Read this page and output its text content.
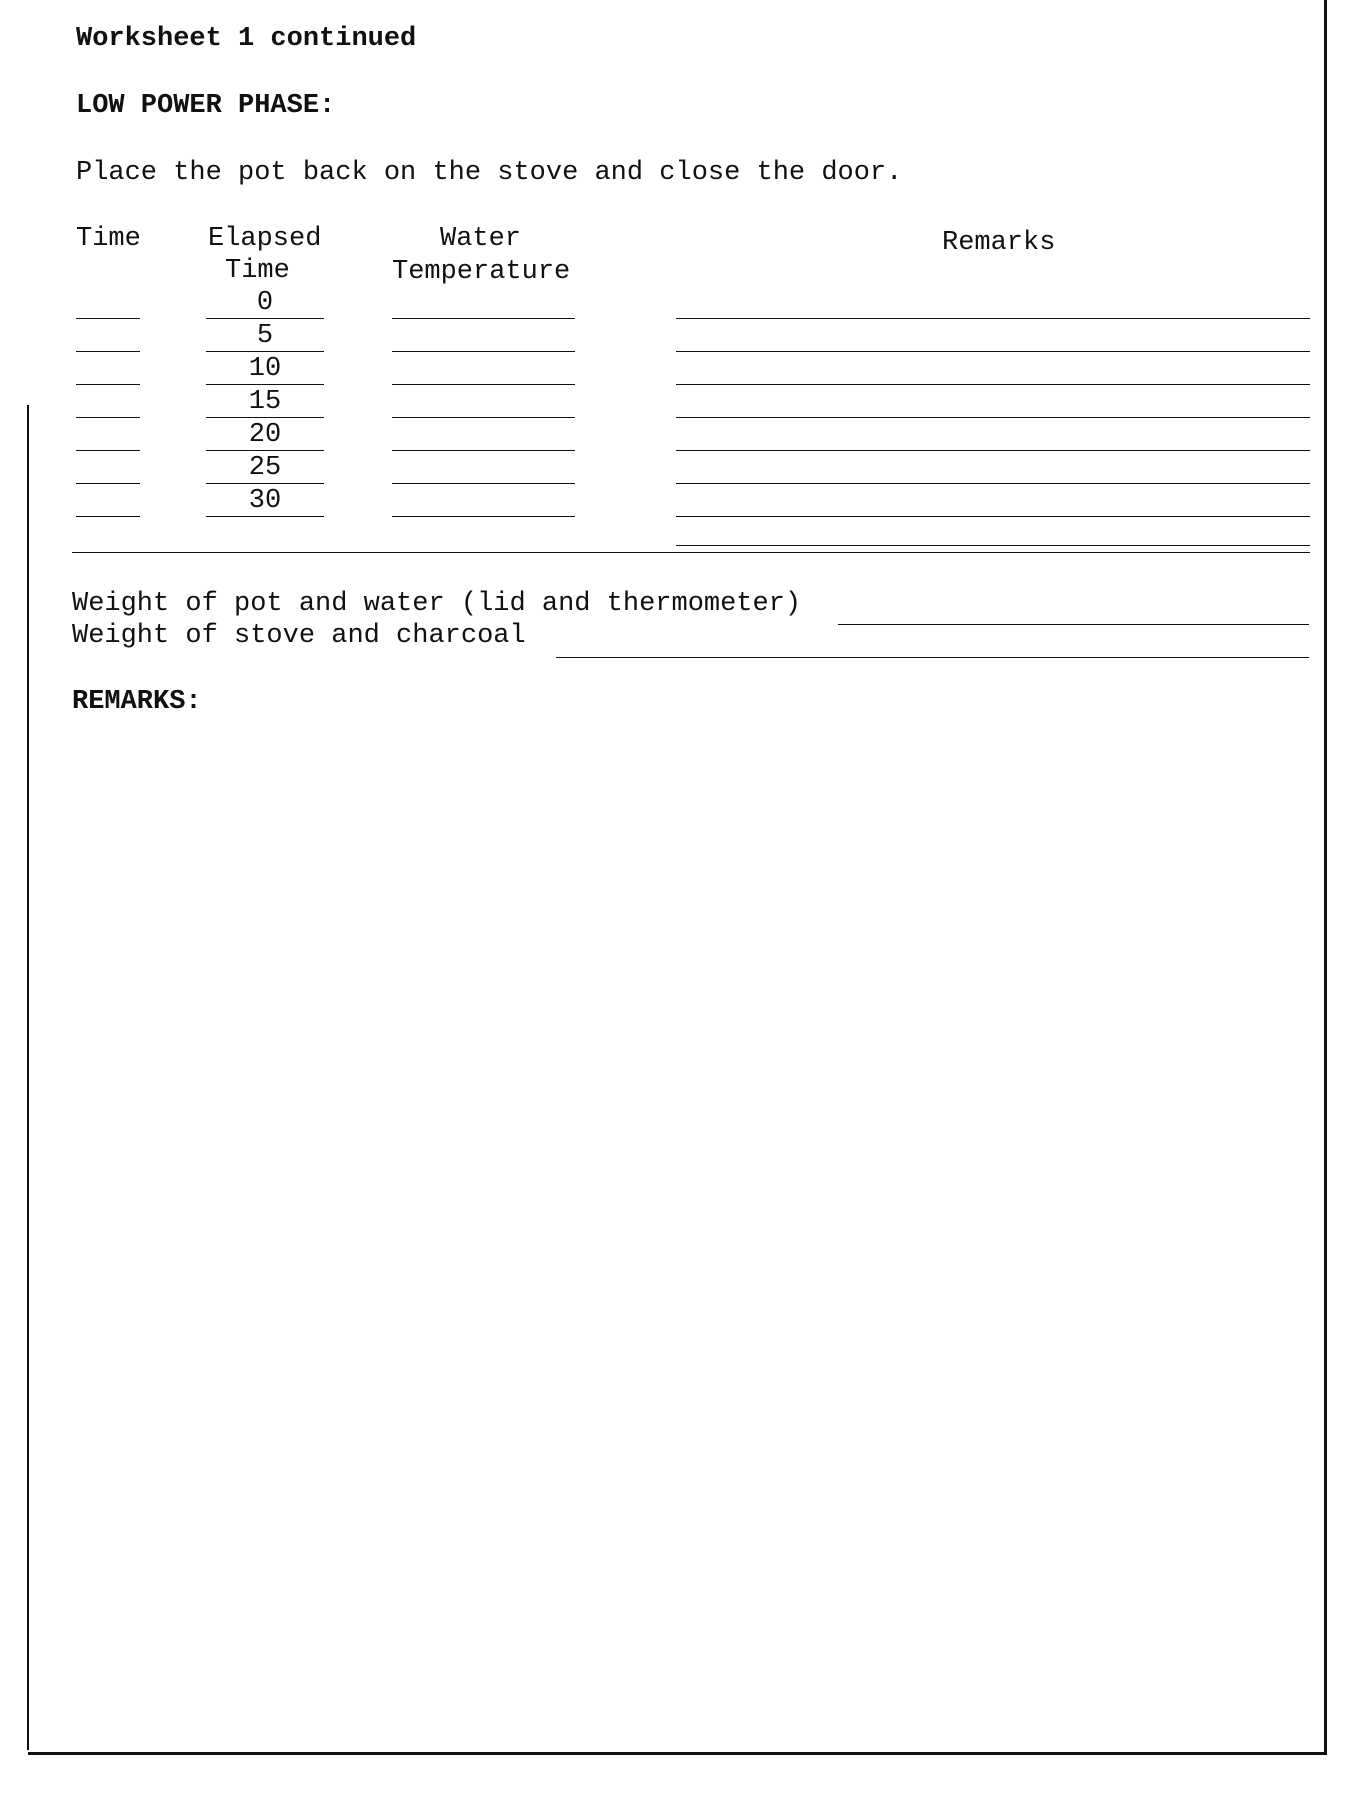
Worksheet 1 continued
LOW POWER PHASE:
Place the pot back on the stove and close the door.
Time Elapsed
Time
Water
Temperature
Remarks
0
5
10
15
20
25
30
Weight of pot and water (lid and thermometer)
Weight of stove and charcoal
REMARKS:
